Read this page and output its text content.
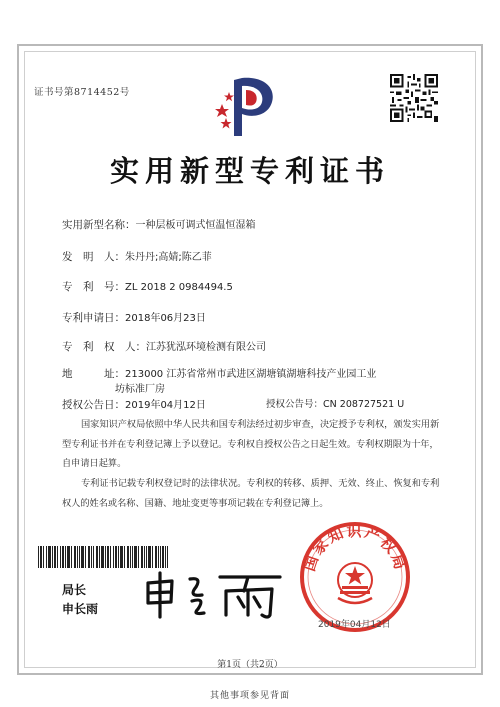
证书号第8714452号
实用新型专利证书
实用新型名称：一种层板可调式恒温恒湿箱
发　明　人：朱丹丹;高婧;陈乙菲
专　利　号：ZL 2018 2 0984494.5
专利申请日：2018年06月23日
专　利　权　人：江苏犹泓环境检测有限公司
地　　　址：213000 江苏省常州市武进区湖塘镇湖塘科技产业园工业
坊标准厂房
授权公告日：2019年04月12日	授权公告号：CN 208727521 U
国家知识产权局依照中华人民共和国专利法经过初步审查，决定授予专利权，颁发实用新型专利证书并在专利登记簿上予以登记。专利权自授权公告之日起生效。专利权期限为十年，自申请日起算。
专利证书记载专利权登记时的法律状况。专利权的转移、质押、无效、终止、恢复和专利权人的姓名或名称、国籍、地址变更等事项记载在专利登记簿上。
局长
申长雨
国家知识产权局
2019年04月12日
第1页（共2页）
其他事项参见背面
